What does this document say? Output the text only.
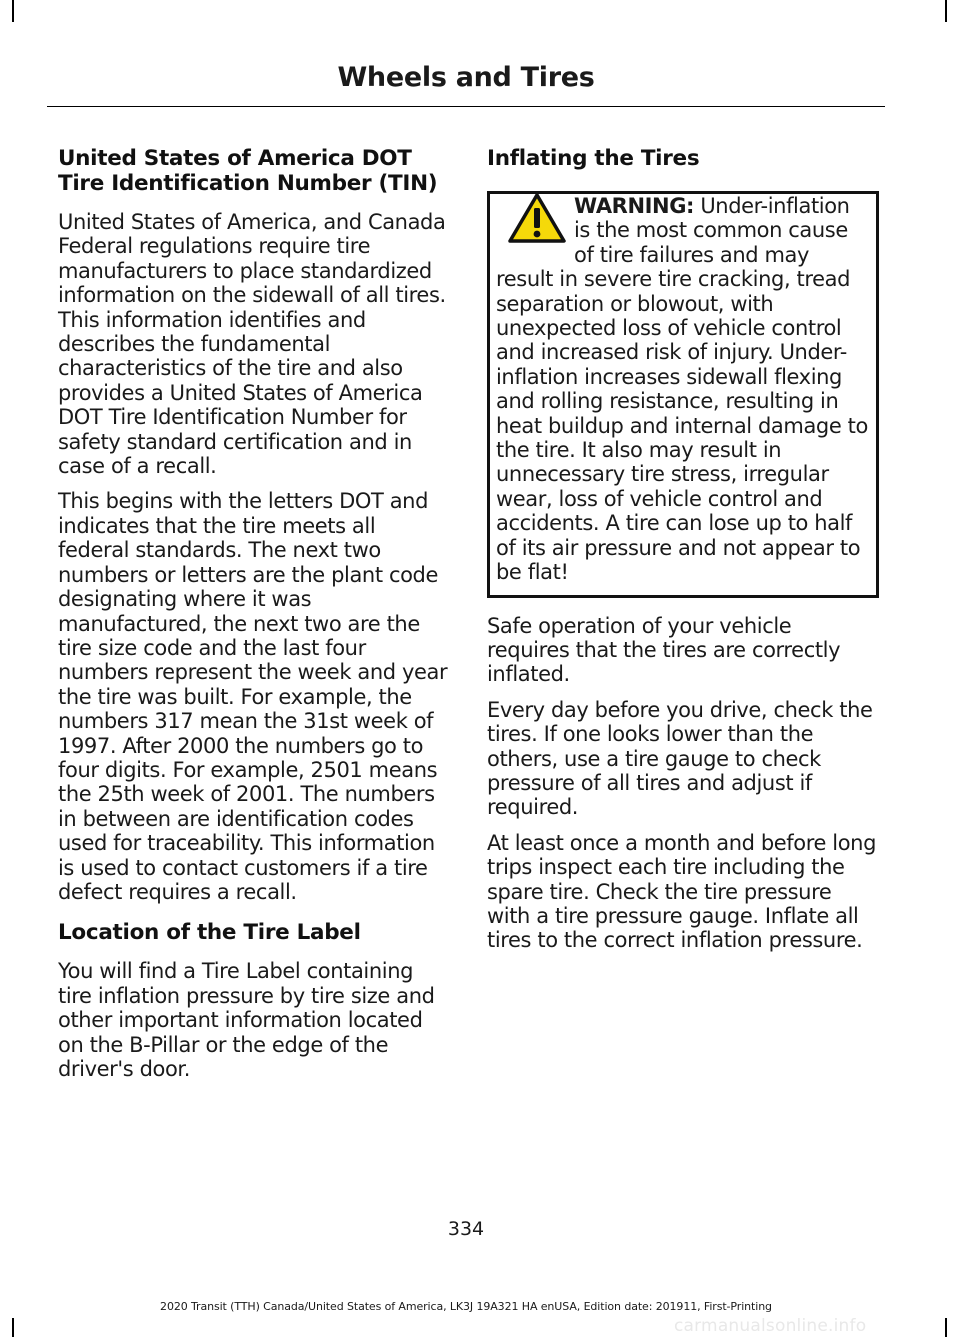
Wheels and Tires
United States of America DOT Tire Identification Number (TIN)

United States of America, and Canada Federal regulations require tire manufacturers to place standardized information on the sidewall of all tires. This information identifies and describes the fundamental characteristics of the tire and also provides a United States of America DOT Tire Identification Number for safety standard certification and in case of a recall.

This begins with the letters DOT and indicates that the tire meets all federal standards. The next two numbers or letters are the plant code designating where it was manufactured, the next two are the tire size code and the last four numbers represent the week and year the tire was built. For example, the numbers 317 mean the 31st week of 1997. After 2000 the numbers go to four digits. For example, 2501 means the 25th week of 2001. The numbers in between are identification codes used for traceability. This information is used to contact customers if a tire defect requires a recall.

Location of the Tire Label

You will find a Tire Label containing tire inflation pressure by tire size and other important information located on the B-Pillar or the edge of the driver's door.

Inflating the Tires
WARNING: Under-inflation is the most common cause of tire failures and may result in severe tire cracking, tread separation or blowout, with unexpected loss of vehicle control and increased risk of injury. Under-inflation increases sidewall flexing and rolling resistance, resulting in heat buildup and internal damage to the tire. It also may result in unnecessary tire stress, irregular wear, loss of vehicle control and accidents. A tire can lose up to half of its air pressure and not appear to be flat!

Safe operation of your vehicle requires that the tires are correctly inflated.

Every day before you drive, check the tires. If one looks lower than the others, use a tire gauge to check pressure of all tires and adjust if required.

At least once a month and before long trips inspect each tire including the spare tire. Check the tire pressure with a tire pressure gauge. Inflate all tires to the correct inflation pressure.

334
2020 Transit (TTH) Canada/United States of America, LK3J 19A321 HA enUSA, Edition date: 201911, First-Printing
carmanualsonline.info
